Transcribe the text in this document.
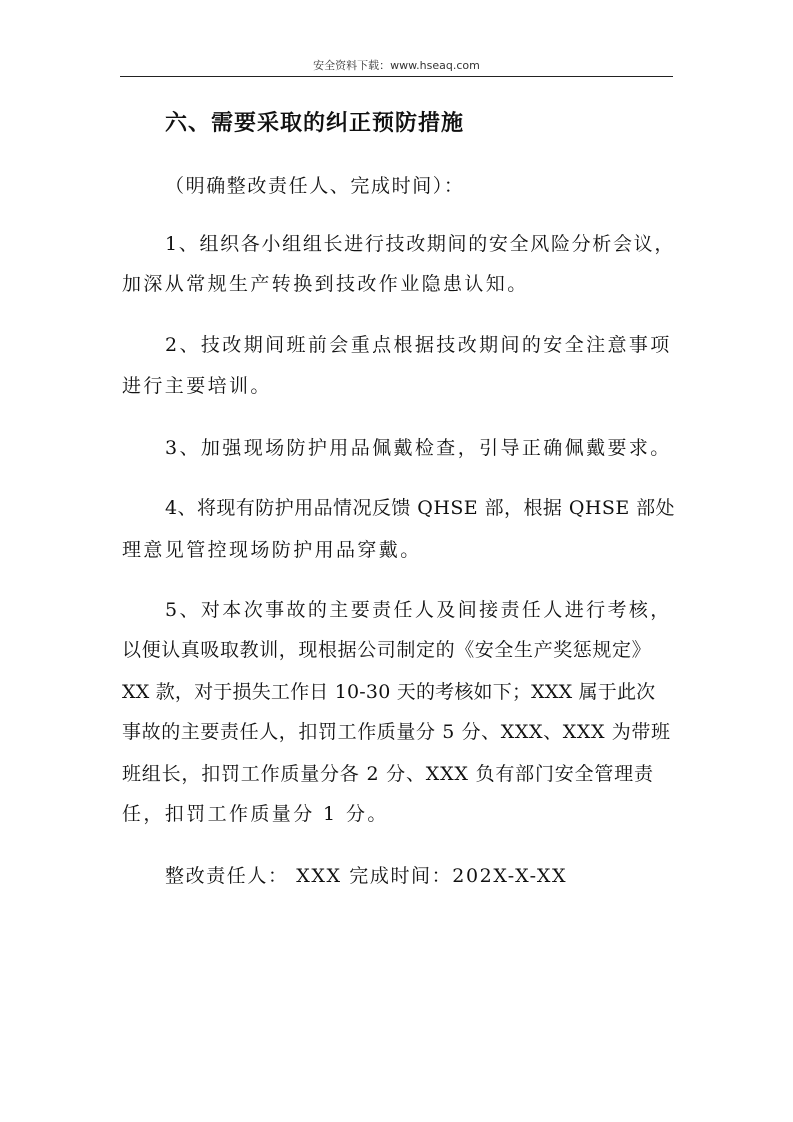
安全资料下载：www.hseaq.com
六、需要采取的纠正预防措施

（明确整改责任人、完成时间）：

1、组织各小组组长进行技改期间的安全风险分析会议，

加深从常规生产转换到技改作业隐患认知。

2、技改期间班前会重点根据技改期间的安全注意事项

进行主要培训。

3、加强现场防护用品佩戴检查，引导正确佩戴要求。

4、将现有防护用品情况反馈 QHSE 部，根据 QHSE 部处

理意见管控现场防护用品穿戴。

5、对本次事故的主要责任人及间接责任人进行考核，

以便认真吸取教训，现根据公司制定的《安全生产奖惩规定》

XX 款，对于损失工作日 10-30 天的考核如下；XXX 属于此次

事故的主要责任人，扣罚工作质量分 5 分、XXX、XXX 为带班

班组长，扣罚工作质量分各 2 分、XXX 负有部门安全管理责

任，扣罚工作质量分 1 分。

整改责任人： XXX 完成时间：202X-X-XX
